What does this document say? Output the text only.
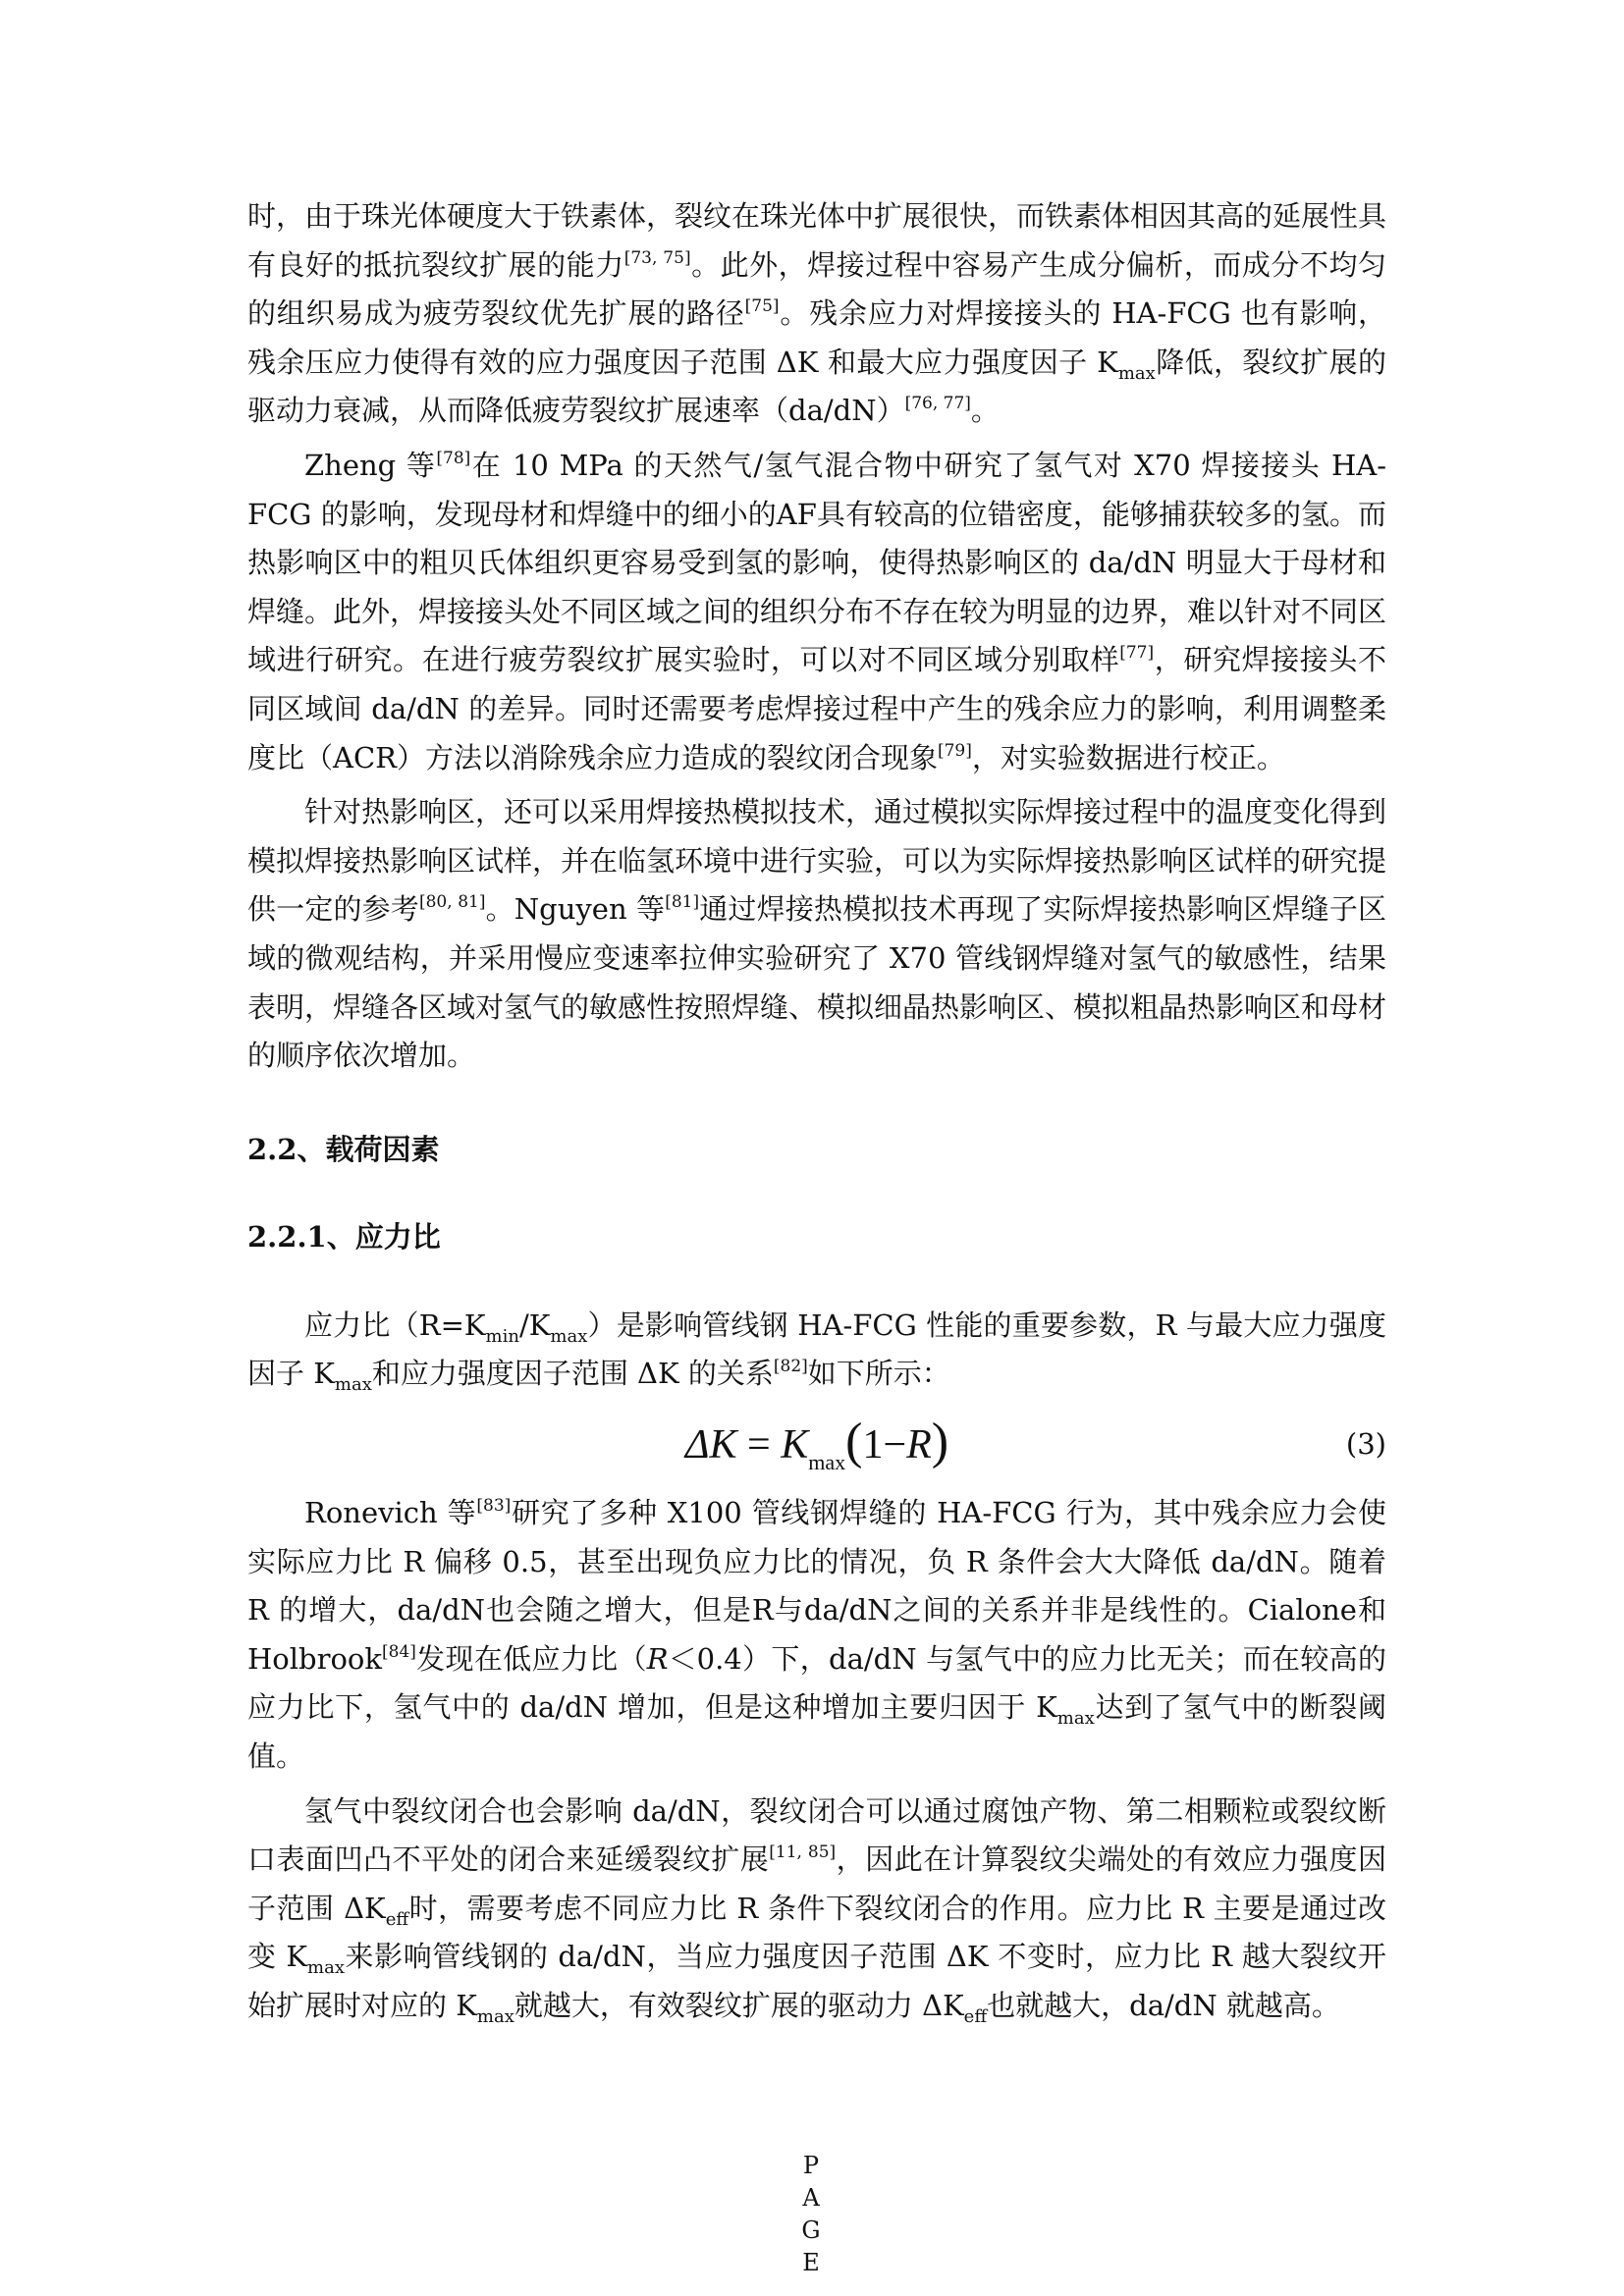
时，由于珠光体硬度大于铁素体，裂纹在珠光体中扩展很快，而铁素体相因其高的延展性具有良好的抵抗裂纹扩展的能力[73, 75]。此外，焊接过程中容易产生成分偏析，而成分不均匀的组织易成为疲劳裂纹优先扩展的路径[75]。残余应力对焊接接头的 HA-FCG 也有影响，残余压应力使得有效的应力强度因子范围 ΔK 和最大应力强度因子 $K_{max}$降低，裂纹扩展的驱动力衰减，从而降低疲劳裂纹扩展速率（da/dN）[76, 77]。

Zheng 等[78]在 10 MPa 的天然气/氢气混合物中研究了氢气对 X70 焊接接头 HA-FCG 的影响，发现母材和焊缝中的细小的AF具有较高的位错密度，能够捕获较多的氢。而热影响区中的粗贝氏体组织更容易受到氢的影响，使得热影响区的 da/dN 明显大于母材和焊缝。此外，焊接接头处不同区域之间的组织分布不存在较为明显的边界，难以针对不同区域进行研究。在进行疲劳裂纹扩展实验时，可以对不同区域分别取样[77]，研究焊接接头不同区域间 da/dN 的差异。同时还需要考虑焊接过程中产生的残余应力的影响，利用调整柔度比（ACR）方法以消除残余应力造成的裂纹闭合现象[79]，对实验数据进行校正。

针对热影响区，还可以采用焊接热模拟技术，通过模拟实际焊接过程中的温度变化得到模拟焊接热影响区试样，并在临氢环境中进行实验，可以为实际焊接热影响区试样的研究提供一定的参考[80, 81]。Nguyen 等[81]通过焊接热模拟技术再现了实际焊接热影响区焊缝子区域的微观结构，并采用慢应变速率拉伸实验研究了 X70 管线钢焊缝对氢气的敏感性，结果表明，焊缝各区域对氢气的敏感性按照焊缝、模拟细晶热影响区、模拟粗晶热影响区和母材的顺序依次增加。

2.2、载荷因素
2.2.1、应力比

应力比$(R=K_{min}/K_{max})$是影响管线钢 HA-FCG 性能的重要参数，R 与最大应力强度因子 $K_{max}$和应力强度因子范围 ΔK 的关系[82]如下所示：

$\Delta K = K_{max}(1-R)$	(3)

Ronevich 等[83]研究了多种 X100 管线钢焊缝的 HA-FCG 行为，其中残余应力会使实际应力比 R 偏移 0.5，甚至出现负应力比的情况，负 R 条件会大大降低 da/dN。随着 R 的增大，da/dN也会随之增大，但是R与da/dN之间的关系并非是线性的。Cialone和Holbrook[84]发现在低应力比（R＜0.4）下，da/dN 与氢气中的应力比无关；而在较高的应力比下，氢气中的 da/dN 增加，但是这种增加主要归因于 $K_{max}$达到了氢气中的断裂阈值。

氢气中裂纹闭合也会影响 da/dN，裂纹闭合可以通过腐蚀产物、第二相颗粒或裂纹断口表面凹凸不平处的闭合来延缓裂纹扩展[11, 85]，因此在计算裂纹尖端处的有效应力强度因子范围 $\Delta K_{eff}$时，需要考虑不同应力比 R 条件下裂纹闭合的作用。应力比 R 主要是通过改变 $K_{max}$来影响管线钢的 da/dN，当应力强度因子范围 ΔK 不变时，应力比 R 越大裂纹开始扩展时对应的 $K_{max}$就越大，有效裂纹扩展的驱动力 $\Delta K_{eff}$也就越大，da/dN 就越高。

P
A
G
E
